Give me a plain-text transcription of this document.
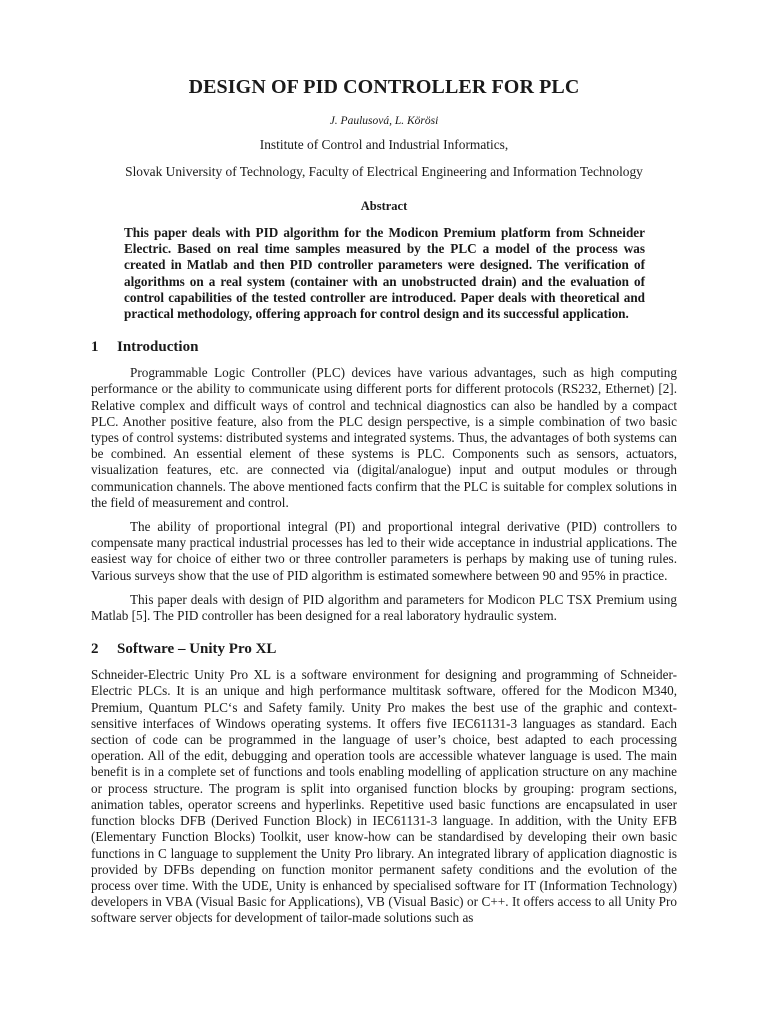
DESIGN OF PID CONTROLLER FOR PLC
J. Paulusová, L. Körösi
Institute of Control and Industrial Informatics,
Slovak University of Technology, Faculty of Electrical Engineering and Information Technology
Abstract
This paper deals with PID algorithm for the Modicon Premium platform from Schneider Electric. Based on real time samples measured by the PLC a model of the process was created in Matlab and then PID controller parameters were designed. The verification of algorithms on a real system (container with an unobstructed drain) and the evaluation of control capabilities of the tested controller are introduced. Paper deals with theoretical and practical methodology, offering approach for control design and its successful application.
1 Introduction

Programmable Logic Controller (PLC) devices have various advantages, such as high computing performance or the ability to communicate using different ports for different protocols (RS232, Ethernet) [2]. Relative complex and difficult ways of control and technical diagnostics can also be handled by a compact PLC. Another positive feature, also from the PLC design perspective, is a simple combination of two basic types of control systems: distributed systems and integrated systems. Thus, the advantages of both systems can be combined. An essential element of these systems is PLC. Components such as sensors, actuators, visualization features, etc. are connected via (digital/analogue) input and output modules or through communication channels. The above mentioned facts confirm that the PLC is suitable for complex solutions in the field of measurement and control.

The ability of proportional integral (PI) and proportional integral derivative (PID) controllers to compensate many practical industrial processes has led to their wide acceptance in industrial applications. The easiest way for choice of either two or three controller parameters is perhaps by making use of tuning rules. Various surveys show that the use of PID algorithm is estimated somewhere between 90 and 95% in practice.

This paper deals with design of PID algorithm and parameters for Modicon PLC TSX Premium using Matlab [5]. The PID controller has been designed for a real laboratory hydraulic system.

2 Software – Unity Pro XL

Schneider-Electric Unity Pro XL is a software environment for designing and programming of Schneider-Electric PLCs. It is an unique and high performance multitask software, offered for the Modicon M340, Premium, Quantum PLC‘s and Safety family. Unity Pro makes the best use of the graphic and context-sensitive interfaces of Windows operating systems. It offers five IEC61131-3 languages as standard. Each section of code can be programmed in the language of user’s choice, best adapted to each processing operation. All of the edit, debugging and operation tools are accessible whatever language is used. The main benefit is in a complete set of functions and tools enabling modelling of application structure on any machine or process structure. The program is split into organised function blocks by grouping: program sections, animation tables, operator screens and hyperlinks. Repetitive used basic functions are encapsulated in user function blocks DFB (Derived Function Block) in IEC61131-3 language. In addition, with the Unity EFB (Elementary Function Blocks) Toolkit, user know-how can be standardised by developing their own basic functions in C language to supplement the Unity Pro library. An integrated library of application diagnostic is provided by DFBs depending on function monitor permanent safety conditions and the evolution of the process over time. With the UDE, Unity is enhanced by specialised software for IT (Information Technology) developers in VBA (Visual Basic for Applications), VB (Visual Basic) or C++. It offers access to all Unity Pro software server objects for development of tailor-made solutions such as
